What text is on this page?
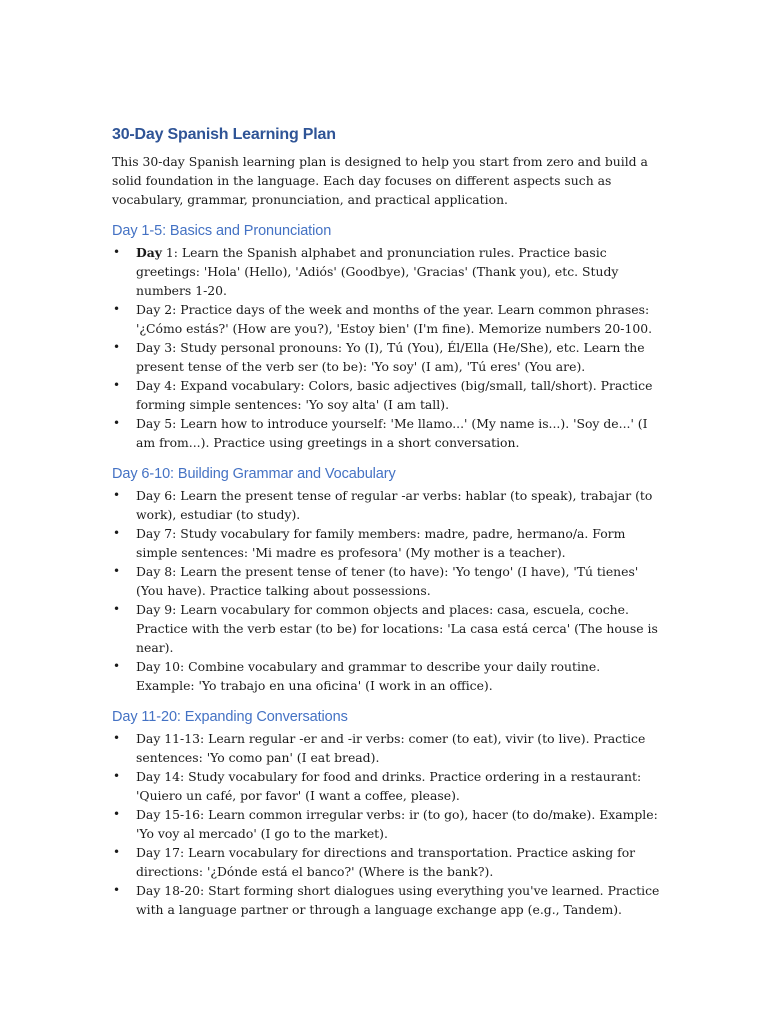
30-Day Spanish Learning Plan

This 30-day Spanish learning plan is designed to help you start from zero and build a solid foundation in the language. Each day focuses on different aspects such as vocabulary, grammar, pronunciation, and practical application.

Day 1-5: Basics and Pronunciation
• Day 1: Learn the Spanish alphabet and pronunciation rules. Practice basic greetings: 'Hola' (Hello), 'Adiós' (Goodbye), 'Gracias' (Thank you), etc. Study numbers 1-20.
• Day 2: Practice days of the week and months of the year. Learn common phrases: '¿Cómo estás?' (How are you?), 'Estoy bien' (I'm fine). Memorize numbers 20-100.
• Day 3: Study personal pronouns: Yo (I), Tú (You), Él/Ella (He/She), etc. Learn the present tense of the verb ser (to be): 'Yo soy' (I am), 'Tú eres' (You are).
• Day 4: Expand vocabulary: Colors, basic adjectives (big/small, tall/short). Practice forming simple sentences: 'Yo soy alta' (I am tall).
• Day 5: Learn how to introduce yourself: 'Me llamo...' (My name is...). 'Soy de...' (I am from...). Practice using greetings in a short conversation.
Day 6-10: Building Grammar and Vocabulary
• Day 6: Learn the present tense of regular -ar verbs: hablar (to speak), trabajar (to work), estudiar (to study).
• Day 7: Study vocabulary for family members: madre, padre, hermano/a. Form simple sentences: 'Mi madre es profesora' (My mother is a teacher).
• Day 8: Learn the present tense of tener (to have): 'Yo tengo' (I have), 'Tú tienes' (You have). Practice talking about possessions.
• Day 9: Learn vocabulary for common objects and places: casa, escuela, coche. Practice with the verb estar (to be) for locations: 'La casa está cerca' (The house is near).
• Day 10: Combine vocabulary and grammar to describe your daily routine. Example: 'Yo trabajo en una oficina' (I work in an office).
Day 11-20: Expanding Conversations
• Day 11-13: Learn regular -er and -ir verbs: comer (to eat), vivir (to live). Practice sentences: 'Yo como pan' (I eat bread).
• Day 14: Study vocabulary for food and drinks. Practice ordering in a restaurant: 'Quiero un café, por favor' (I want a coffee, please).
• Day 15-16: Learn common irregular verbs: ir (to go), hacer (to do/make). Example: 'Yo voy al mercado' (I go to the market).
• Day 17: Learn vocabulary for directions and transportation. Practice asking for directions: '¿Dónde está el banco?' (Where is the bank?).
• Day 18-20: Start forming short dialogues using everything you've learned. Practice with a language partner or through a language exchange app (e.g., Tandem).
